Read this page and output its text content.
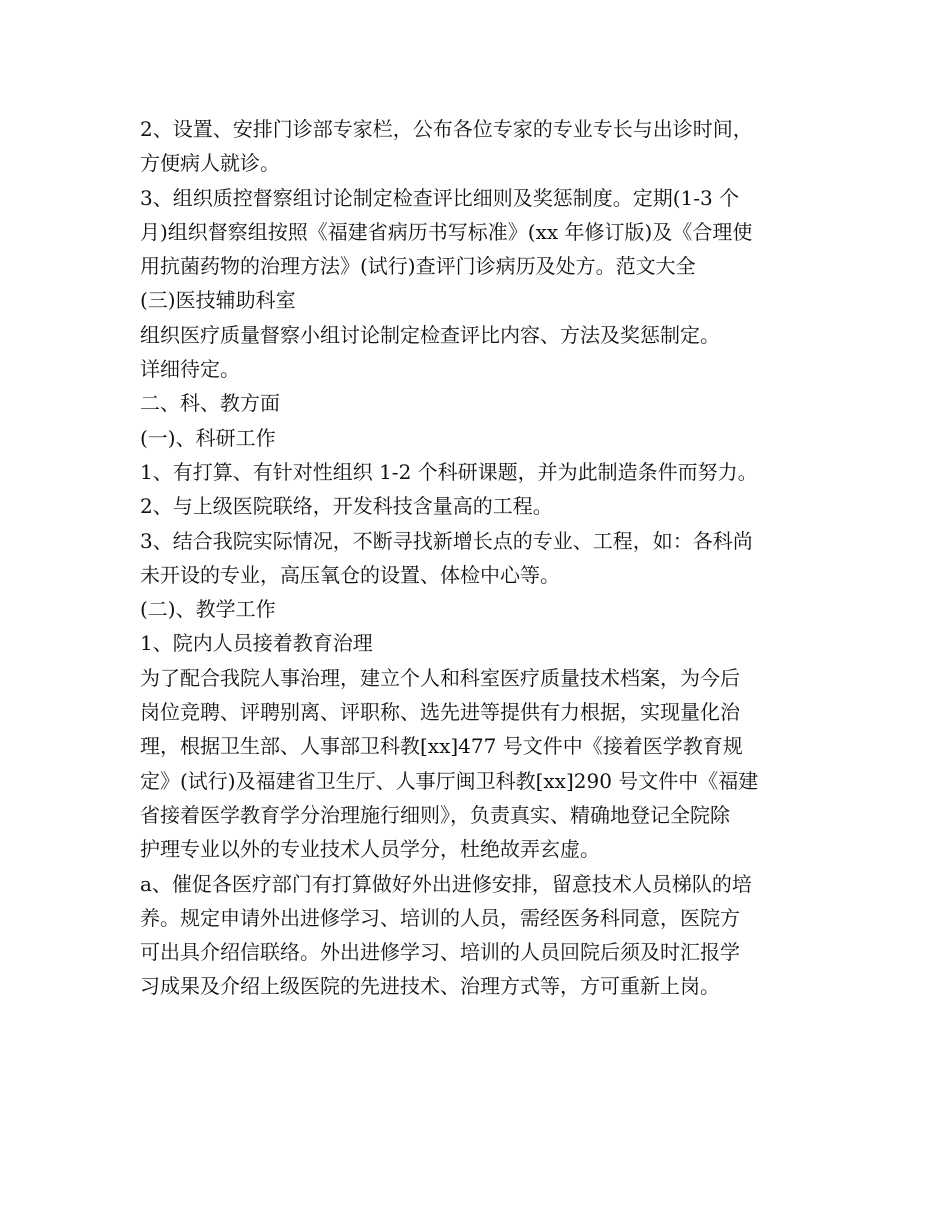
2、设置、安排门诊部专家栏，公布各位专家的专业专长与出诊时间，
方便病人就诊。
3、组织质控督察组讨论制定检查评比细则及奖惩制度。定期(1-3 个
月)组织督察组按照《福建省病历书写标准》(xx 年修订版)及《合理使
用抗菌药物的治理方法》(试行)查评门诊病历及处方。范文大全
(三)医技辅助科室
组织医疗质量督察小组讨论制定检查评比内容、方法及奖惩制定。
详细待定。
二、科、教方面
(一)、科研工作
1、有打算、有针对性组织 1-2 个科研课题，并为此制造条件而努力。
2、与上级医院联络，开发科技含量高的工程。
3、结合我院实际情况，不断寻找新增长点的专业、工程，如：各科尚
未开设的专业，高压氧仓的设置、体检中心等。
(二)、教学工作
1、院内人员接着教育治理
为了配合我院人事治理，建立个人和科室医疗质量技术档案，为今后
岗位竞聘、评聘别离、评职称、选先进等提供有力根据，实现量化治
理，根据卫生部、人事部卫科教[xx]477 号文件中《接着医学教育规
定》(试行)及福建省卫生厅、人事厅闽卫科教[xx]290 号文件中《福建
省接着医学教育学分治理施行细则》，负责真实、精确地登记全院除
护理专业以外的专业技术人员学分，杜绝故弄玄虚。
a、催促各医疗部门有打算做好外出进修安排，留意技术人员梯队的培
养。规定申请外出进修学习、培训的人员，需经医务科同意，医院方
可出具介绍信联络。外出进修学习、培训的人员回院后须及时汇报学
习成果及介绍上级医院的先进技术、治理方式等，方可重新上岗。
